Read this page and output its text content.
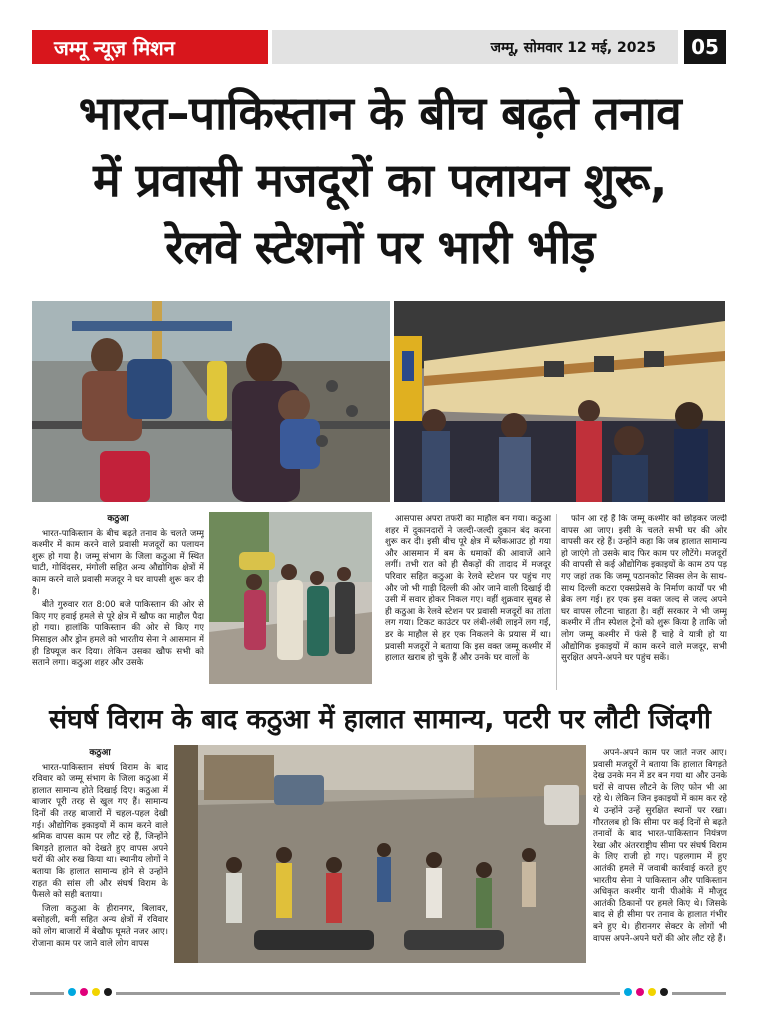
जम्मू न्यूज़ मिशन	जम्मू, सोमवार 12 मई, 2025	05
भारत–पाकिस्तान के बीच बढ़ते तनाव
में प्रवासी मजदूरों का पलायन शुरू,
रेलवे स्टेशनों पर भारी भीड़
कठुआ

भारत-पाकिस्तान के बीच बढ़ते तनाव के चलते जम्मू कश्मीर में काम करने वाले प्रवासी मजदूरों का पलायन शुरू हो गया है। जम्मू संभाग के जिला कठुआ में स्थित घाटी, गोविंदसर, मंगोली सहित अन्य औद्योगिक क्षेत्रों में काम करने वाले प्रवासी मजदूर ने घर वापसी शुरू कर दी है।

बीते गुरुवार रात 8:00 बजे पाकिस्तान की ओर से किए गए हवाई हमले से पूरे क्षेत्र में खौफ का माहौल पैदा हो गया। हालांकि पाकिस्तान की ओर से किए गए मिसाइल और ड्रोन हमले को भारतीय सेना ने आसमान में ही डिफ्यूज कर दिया। लेकिन उसका खौफ सभी को सताने लगा। कठुआ शहर और उसके

आसपास अपरा तफरी का माहौल बन गया। कठुआ शहर में दुकानदारों ने जल्दी-जल्दी दुकान बंद करना शुरू कर दी। इसी बीच पूरे क्षेत्र में ब्लैकआउट हो गया और आसमान में बम के धमाकों की आवाजें आने लगीं। तभी रात को ही सैकड़ों की तादाद में मजदूर परिवार सहित कठुआ के रेलवे स्टेशन पर पहुंच गए और जो भी गाड़ी दिल्ली की ओर जाने वाली दिखाई दी उसी में सवार होकर निकल गए। वहीं शुक्रवार सुबह से ही कठुआ के रेलवे स्टेशन पर प्रवासी मजदूरों का तांता लग गया। टिकट काउंटर पर लंबी-लंबी लाइनें लग गईं, डर के माहौल से हर एक निकलने के प्रयास में था। प्रवासी मजदूरों ने बताया कि इस वक्त जम्मू कश्मीर में हालात खराब हो चुके हैं और उनके घर वालों के

फोन आ रहे हैं कि जम्मू कश्मीर को छोड़कर जल्दी वापस आ जाए। इसी के चलते सभी घर की ओर वापसी कर रहे हैं। उन्होंने कहा कि जब हालात सामान्य हो जाएंगे तो उसके बाद फिर काम पर लौटेंगे। मजदूरों की वापसी से कई औद्योगिक इकाइयों के काम ठप पड़ गए जहां तक कि जम्मू पठानकोट सिक्स लेन के साथ-साथ दिल्ली कटरा एक्सप्रेसवे के निर्माण कार्यों पर भी ब्रेक लग गई। हर एक इस वक्त जल्द से जल्द अपने घर वापस लौटना चाहता है। वहीं सरकार ने भी जम्मू कश्मीर में तीन स्पेशल ट्रेनों को शुरू किया है ताकि जो लोग जम्मू कश्मीर में फंसे हैं चाहे वे यात्री हो या औद्योगिक इकाइयों में काम करने वाले मजदूर, सभी सुरक्षित अपने-अपने घर पहुंच सकें।

संघर्ष विराम के बाद कठुआ में हालात सामान्य, पटरी पर लौटी जिंदगी
कठुआ

भारत-पाकिस्तान संघर्ष विराम के बाद रविवार को जम्मू संभाग के जिला कठुआ में हालात सामान्य होते दिखाई दिए। कठुआ में बाजार पूरी तरह से खुल गए हैं। सामान्य दिनों की तरह बाजारों में चहल-पहल देखी गई। औद्योगिक इकाइयों में काम करने वाले श्रमिक वापस काम पर लौट रहे हैं, जिन्होंने बिगड़ते हालात को देखते हुए वापस अपने घरों की ओर रुख किया था। स्थानीय लोगों ने बताया कि हालात सामान्य होने से उन्होंने राहत की सांस ली और संघर्ष विराम के फैसले को सही बताया।

जिला कठुआ के हीरानगर, बिलावर, बसोहली, बनी सहित अन्य क्षेत्रों में रविवार को लोग बाजारों में बेखौफ घूमते नजर आए। रोजाना काम पर जाने वाले लोग वापस

अपने-अपने काम पर जाते नजर आए। प्रवासी मजदूरों ने बताया कि हालात बिगड़ते देख उनके मन में डर बन गया था और उनके घरों से वापस लौटने के लिए फोन भी आ रहे थे। लेकिन जिन इकाइयों में काम कर रहे थे उन्होंने उन्हें सुरक्षित स्थानों पर रखा। गौरतलब हो कि सीमा पर कई दिनों से बढ़ते तनावों के बाद भारत-पाकिस्तान नियंत्रण रेखा और अंतरराष्ट्रीय सीमा पर संघर्ष विराम के लिए राजी हो गए। पहलगाम में हुए आतंकी हमले में जवाबी कार्रवाई करते हुए भारतीय सेना ने पाकिस्तान और पाकिस्तान अधिकृत कश्मीर यानी पीओके में मौजूद आतंकी ठिकानों पर हमले किए थे। जिसके बाद से ही सीमा पर तनाव के हालात गंभीर बने हुए थे। हीरानगर सेक्टर के लोगों भी वापस अपने-अपने घरों की ओर लौट रहे हैं।
